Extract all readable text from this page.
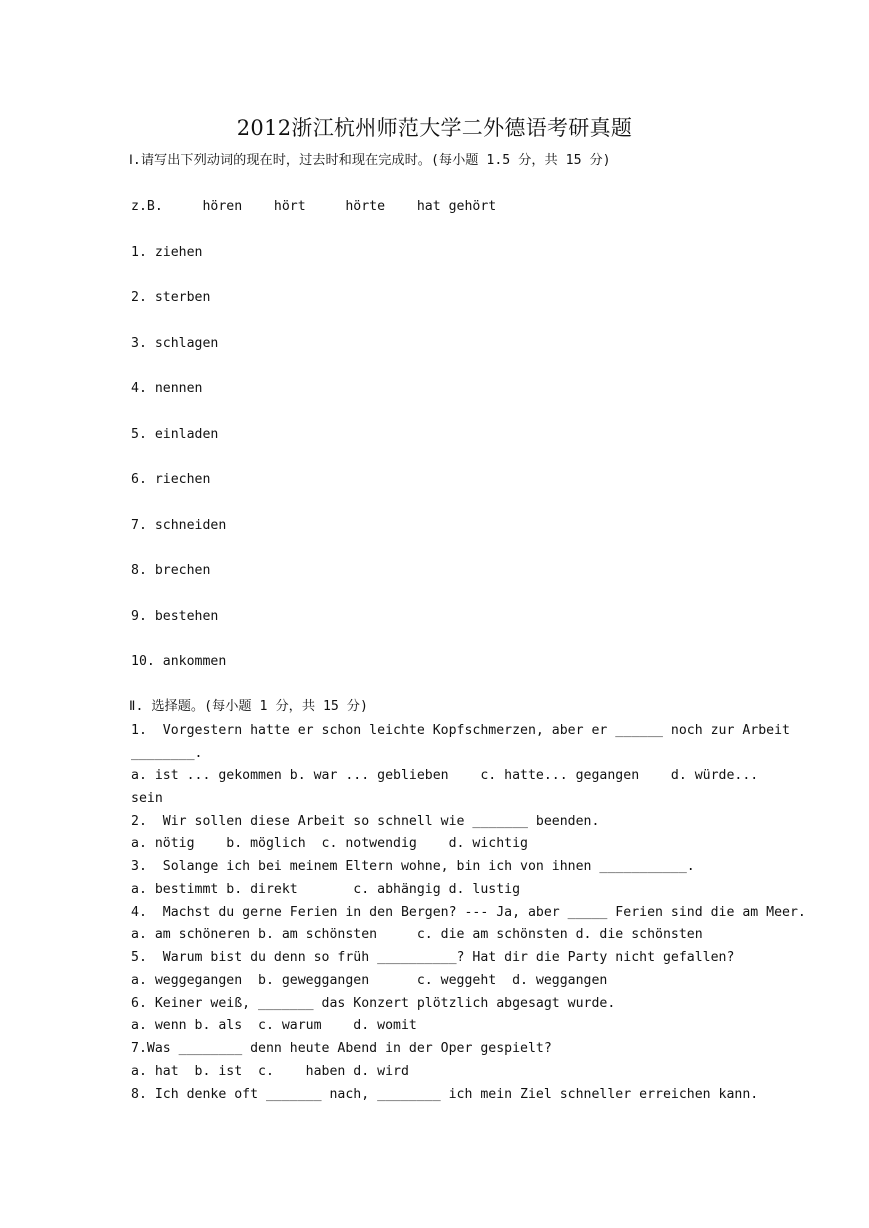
2012浙江杭州师范大学二外德语考研真题
Ⅰ.请写出下列动词的现在时，过去时和现在完成时。(每小题 1.5 分，共 15 分)
z.B.     hören    hört     hörte    hat gehört
1. ziehen
2. sterben
3. schlagen
4. nennen
5. einladen
6. riechen
7. schneiden
8. brechen
9. bestehen
10. ankommen
Ⅱ. 选择题。(每小题 1 分，共 15 分)
1.  Vorgestern hatte er schon leichte Kopfschmerzen, aber er ______ noch zur Arbeit
________.
a. ist ... gekommen b. war ... geblieben    c. hatte... gegangen    d. würde...
sein
2.  Wir sollen diese Arbeit so schnell wie _______ beenden.
a. nötig    b. möglich  c. notwendig    d. wichtig
3.  Solange ich bei meinem Eltern wohne, bin ich von ihnen ___________.
a. bestimmt b. direkt       c. abhängig d. lustig
4.  Machst du gerne Ferien in den Bergen? --- Ja, aber _____ Ferien sind die am Meer.
a. am schöneren b. am schönsten     c. die am schönsten d. die schönsten
5.  Warum bist du denn so früh __________? Hat dir die Party nicht gefallen?
a. weggegangen  b. geweggangen      c. weggeht  d. weggangen
6. Keiner weiß, _______ das Konzert plötzlich abgesagt wurde.
a. wenn b. als  c. warum    d. womit
7.Was ________ denn heute Abend in der Oper gespielt?
a. hat  b. ist  c.    haben d. wird
8. Ich denke oft _______ nach, ________ ich mein Ziel schneller erreichen kann.
